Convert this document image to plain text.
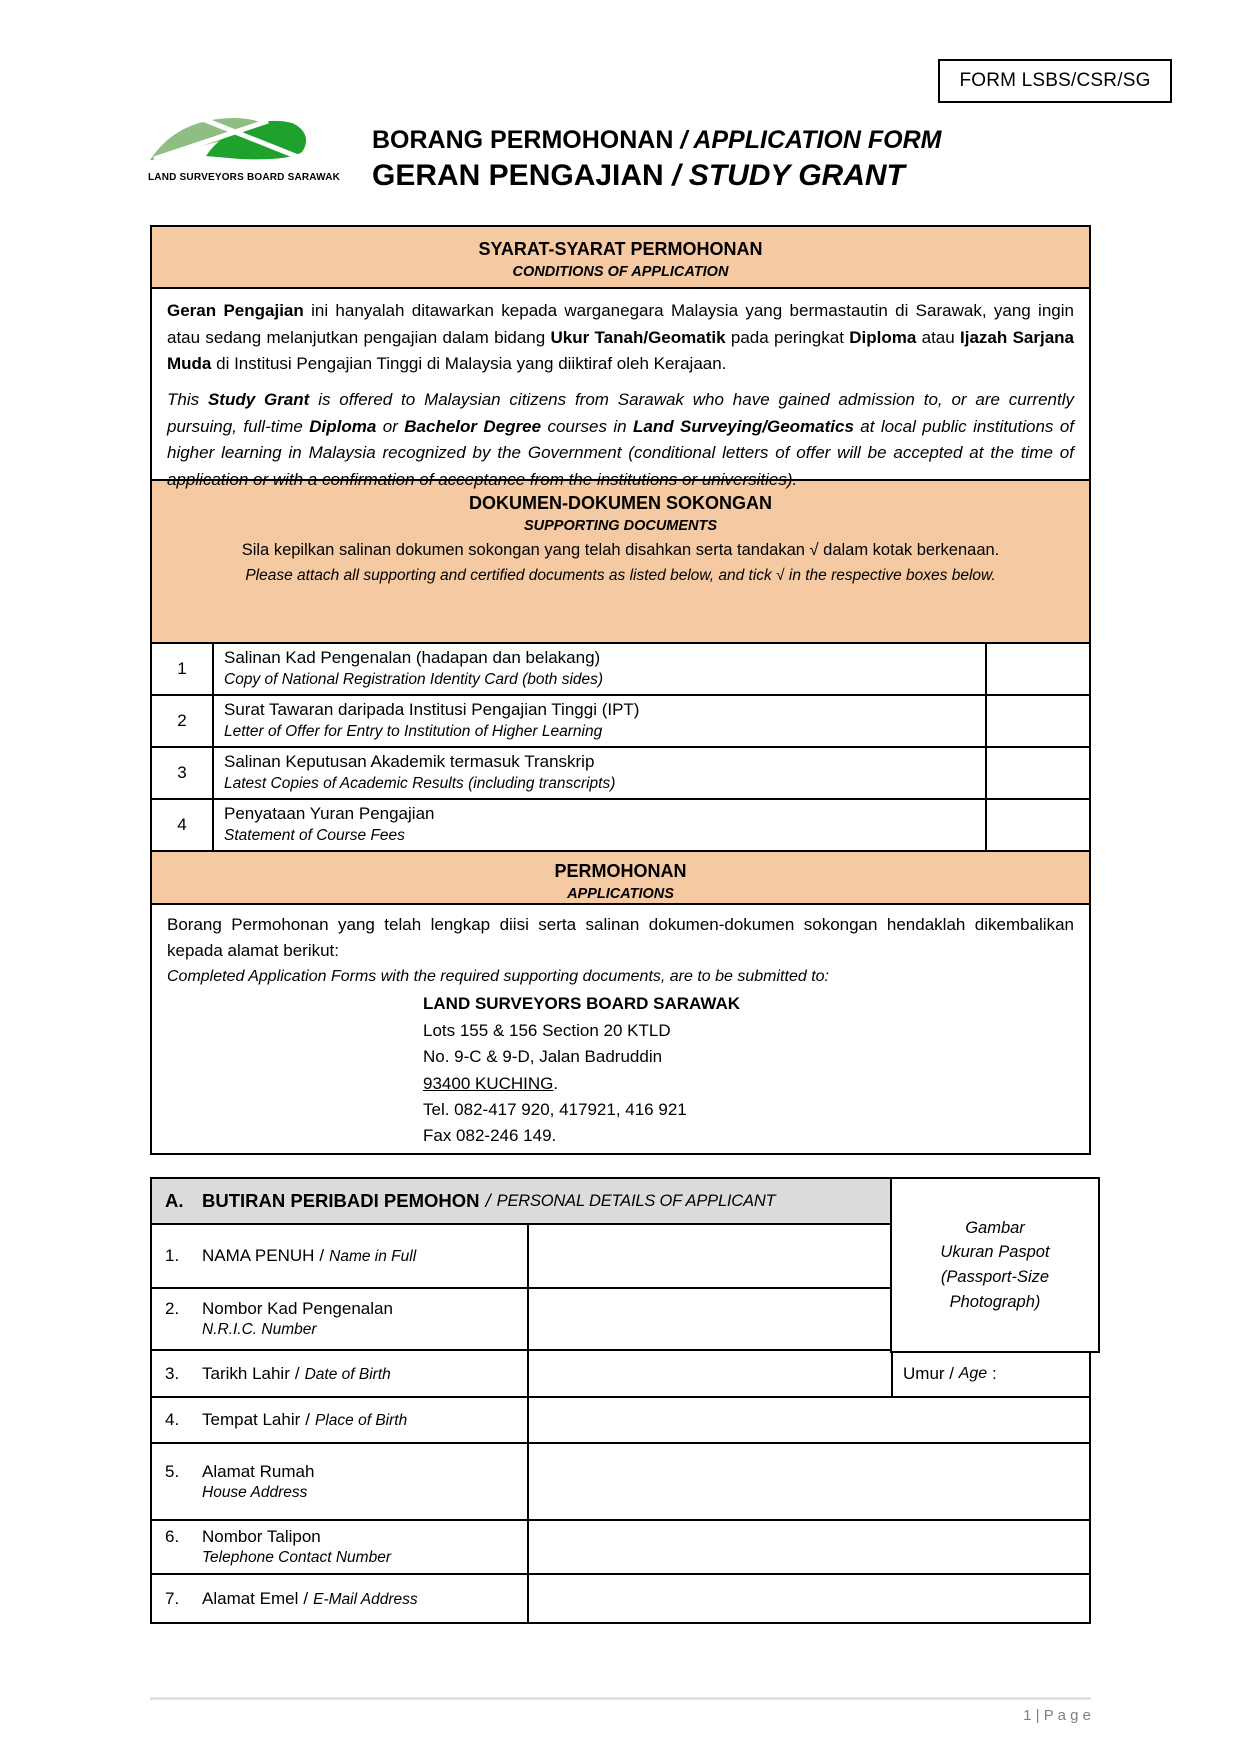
FORM LSBS/CSR/SG
LAND SURVEYORS BOARD SARAWAK
BORANG PERMOHONAN / APPLICATION FORM
GERAN PENGAJIAN / STUDY GRANT
SYARAT-SYARAT PERMOHONAN
CONDITIONS OF APPLICATION

Geran Pengajian ini hanyalah ditawarkan kepada warganegara Malaysia yang bermastautin di Sarawak, yang ingin atau sedang melanjutkan pengajian dalam bidang Ukur Tanah/Geomatik pada peringkat Diploma atau Ijazah Sarjana Muda di Institusi Pengajian Tinggi di Malaysia yang diiktiraf oleh Kerajaan.

This Study Grant is offered to Malaysian citizens from Sarawak who have gained admission to, or are currently pursuing, full-time Diploma or Bachelor Degree courses in Land Surveying/Geomatics at local public institutions of higher learning in Malaysia recognized by the Government (conditional letters of offer will be accepted at the time of application or with a confirmation of acceptance from the institutions or universities).

DOKUMEN-DOKUMEN SOKONGAN
SUPPORTING DOCUMENTS
Sila kepilkan salinan dokumen sokongan yang telah disahkan serta tandakan √ dalam kotak berkenaan.
Please attach all supporting and certified documents as listed below, and tick √ in the respective boxes below.
1
Salinan Kad Pengenalan (hadapan dan belakang)
Copy of National Registration Identity Card (both sides)
2
Surat Tawaran daripada Institusi Pengajian Tinggi (IPT)
Letter of Offer for Entry to Institution of Higher Learning
3
Salinan Keputusan Akademik termasuk Transkrip
Latest Copies of Academic Results (including transcripts)
4
Penyataan Yuran Pengajian
Statement of Course Fees
PERMOHONAN
APPLICATIONS
Borang Permohonan yang telah lengkap diisi serta salinan dokumen-dokumen sokongan hendaklah dikembalikan kepada alamat berikut:
Completed Application Forms with the required supporting documents, are to be submitted to:
LAND SURVEYORS BOARD SARAWAK
Lots 155 & 156 Section 20 KTLD
No. 9-C & 9-D, Jalan Badruddin
93400 KUCHING.
Tel. 082-417 920, 417921, 416 921
Fax 082-246 149.
A.	BUTIRAN PERIBADI PEMOHON / PERSONAL DETAILS OF APPLICANT
1.	NAMA PENUH / Name in Full
2.	Nombor Kad Pengenalan
N.R.I.C. Number
3.	Tarikh Lahir / Date of Birth	Umur /
Age
:
4.	Tempat Lahir / Place of Birth
5.	Alamat Rumah
House Address
6.	Nombor Talipon
Telephone Contact Number
7.	Alamat Emel / E-Mail Address
Gambar
Ukuran Paspot
(Passport-Size
Photograph)
1 | P a g e
